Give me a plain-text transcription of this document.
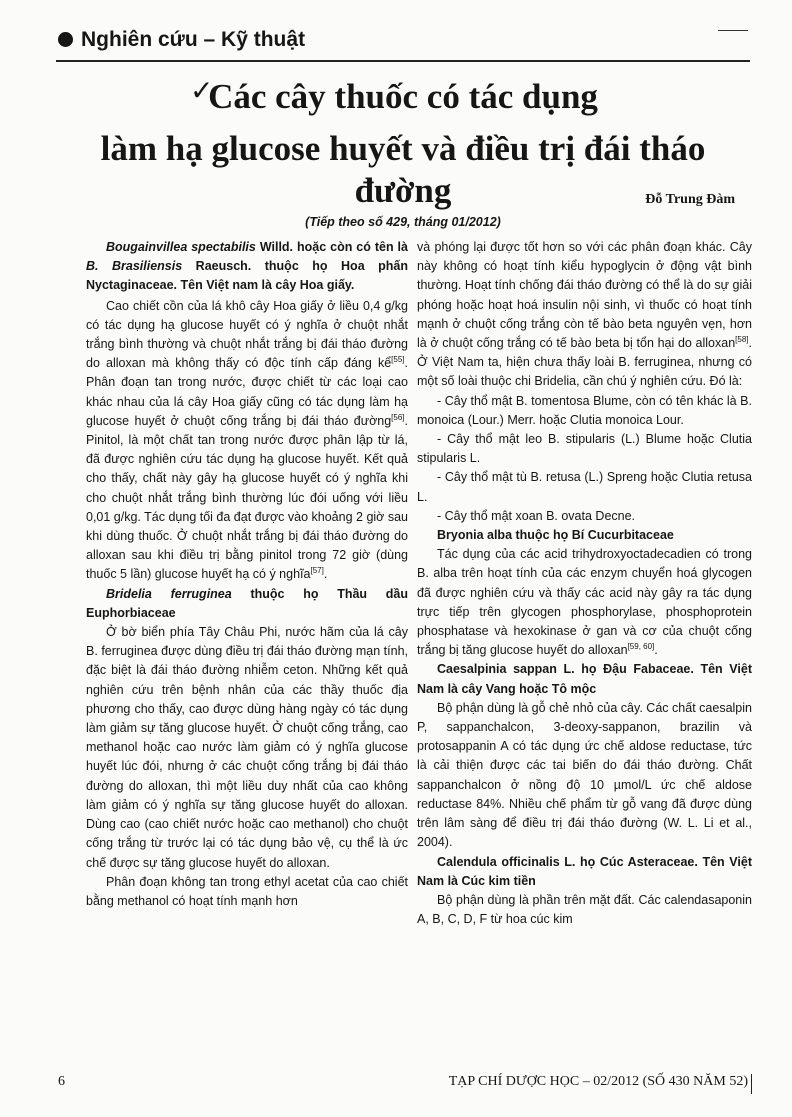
Nghiên cứu – Kỹ thuật
✓
Các cây thuốc có tác dụng
làm hạ glucose huyết và điều trị đái tháo đường	Đỗ Trung Đàm
(Tiếp theo số 429, tháng 01/2012)

Bougainvillea spectabilis Willd. hoặc còn có tên là B. Brasiliensis Raeusch. thuộc họ Hoa phấn Nyctaginaceae. Tên Việt nam là cây Hoa giấy.

Cao chiết cồn của lá khô cây Hoa giấy ở liều 0,4 g/kg có tác dụng hạ glucose huyết có ý nghĩa ở chuột nhắt trắng bình thường và chuột nhắt trắng bị đái tháo đường do alloxan mà không thấy có độc tính cấp đáng kể[55]. Phân đoạn tan trong nước, được chiết từ các loại cao khác nhau của lá cây Hoa giấy cũng có tác dụng làm hạ glucose huyết ở chuột cống trắng bị đái tháo đường[56]. Pinitol, là một chất tan trong nước được phân lập từ lá, đã được nghiên cứu tác dụng hạ glucose huyết. Kết quả cho thấy, chất này gây hạ glucose huyết có ý nghĩa khi cho chuột nhắt trắng bình thường lúc đói uống với liều 0,01 g/kg. Tác dụng tối đa đạt được vào khoảng 2 giờ sau khi dùng thuốc. Ở chuột nhắt trắng bị đái tháo đường do alloxan sau khi điều trị bằng pinitol trong 72 giờ (dùng thuốc 5 lần) glucose huyết hạ có ý nghĩa[57].

Bridelia ferruginea thuộc họ Thầu dầu Euphorbiaceae

Ở bờ biển phía Tây Châu Phi, nước hãm của lá cây B. ferruginea được dùng điều trị đái tháo đường mạn tính, đặc biệt là đái tháo đường nhiễm ceton. Những kết quả nghiên cứu trên bệnh nhân của các thầy thuốc địa phương cho thấy, cao được dùng hàng ngày có tác dụng làm giảm sự tăng glucose huyết. Ở chuột cống trắng, cao methanol hoặc cao nước làm giảm có ý nghĩa glucose huyết lúc đói, nhưng ở các chuột cống trắng bị đái tháo đường do alloxan, thì một liều duy nhất của cao không làm giảm có ý nghĩa sự tăng glucose huyết do alloxan. Dùng cao (cao chiết nước hoặc cao methanol) cho chuột cống trắng từ trước lại có tác dụng bảo vệ, cụ thể là ức chế được sự tăng glucose huyết do alloxan.

Phân đoạn không tan trong ethyl acetat của cao chiết bằng methanol có hoạt tính mạnh hơn

và phóng lại được tốt hơn so với các phân đoạn khác. Cây này không có hoạt tính kiểu hypoglycin ở động vật bình thường. Hoạt tính chống đái tháo đường có thể là do sự giải phóng hoặc hoạt hoá insulin nội sinh, vì thuốc có hoạt tính mạnh ở chuột cống trắng còn tế bào beta nguyên vẹn, hơn là ở chuột cống trắng có tế bào beta bị tổn hại do alloxan[58]. Ở Việt Nam ta, hiện chưa thấy loài B. ferruginea, nhưng có một số loài thuộc chi Bridelia, cần chú ý nghiên cứu. Đó là:

- Cây thổ mật B. tomentosa Blume, còn có tên khác là B. monoica (Lour.) Merr. hoặc Clutia monoica Lour.

- Cây thổ mật leo B. stipularis (L.) Blume hoặc Clutia stipularis L.

- Cây thổ mật tù B. retusa (L.) Spreng hoặc Clutia retusa L.

- Cây thổ mật xoan B. ovata Decne.

Bryonia alba thuộc họ Bí Cucurbitaceae

Tác dụng của các acid trihydroxyoctadecadien có trong B. alba trên hoạt tính của các enzym chuyển hoá glycogen đã được nghiên cứu và thấy các acid này gây ra tác dụng trực tiếp trên glycogen phosphorylase, phosphoprotein phosphatase và hexokinase ở gan và cơ của chuột cống trắng bị tăng glucose huyết do alloxan[59, 60].

Caesalpinia sappan L. họ Đậu Fabaceae. Tên Việt Nam là cây Vang hoặc Tô mộc

Bộ phận dùng là gỗ chẻ nhỏ của cây. Các chất caesalpin P, sappanchalcon, 3-deoxy-sappanon, brazilin và protosappanin A có tác dụng ức chế aldose reductase, tức là cải thiện được các tai biến do đái tháo đường. Chất sappanchalcon ở nồng độ 10 µmol/L ức chế aldose reductase 84%. Nhiều chế phẩm từ gỗ vang đã được dùng trên lâm sàng để điều trị đái tháo đường (W. L. Li et al., 2004).

Calendula officinalis L. họ Cúc Asteraceae. Tên Việt Nam là Cúc kim tiền

Bộ phận dùng là phần trên mặt đất. Các calendasaponin A, B, C, D, F từ hoa cúc kim

6	TẠP CHÍ DƯỢC HỌC – 02/2012 (SỐ 430 NĂM 52)
